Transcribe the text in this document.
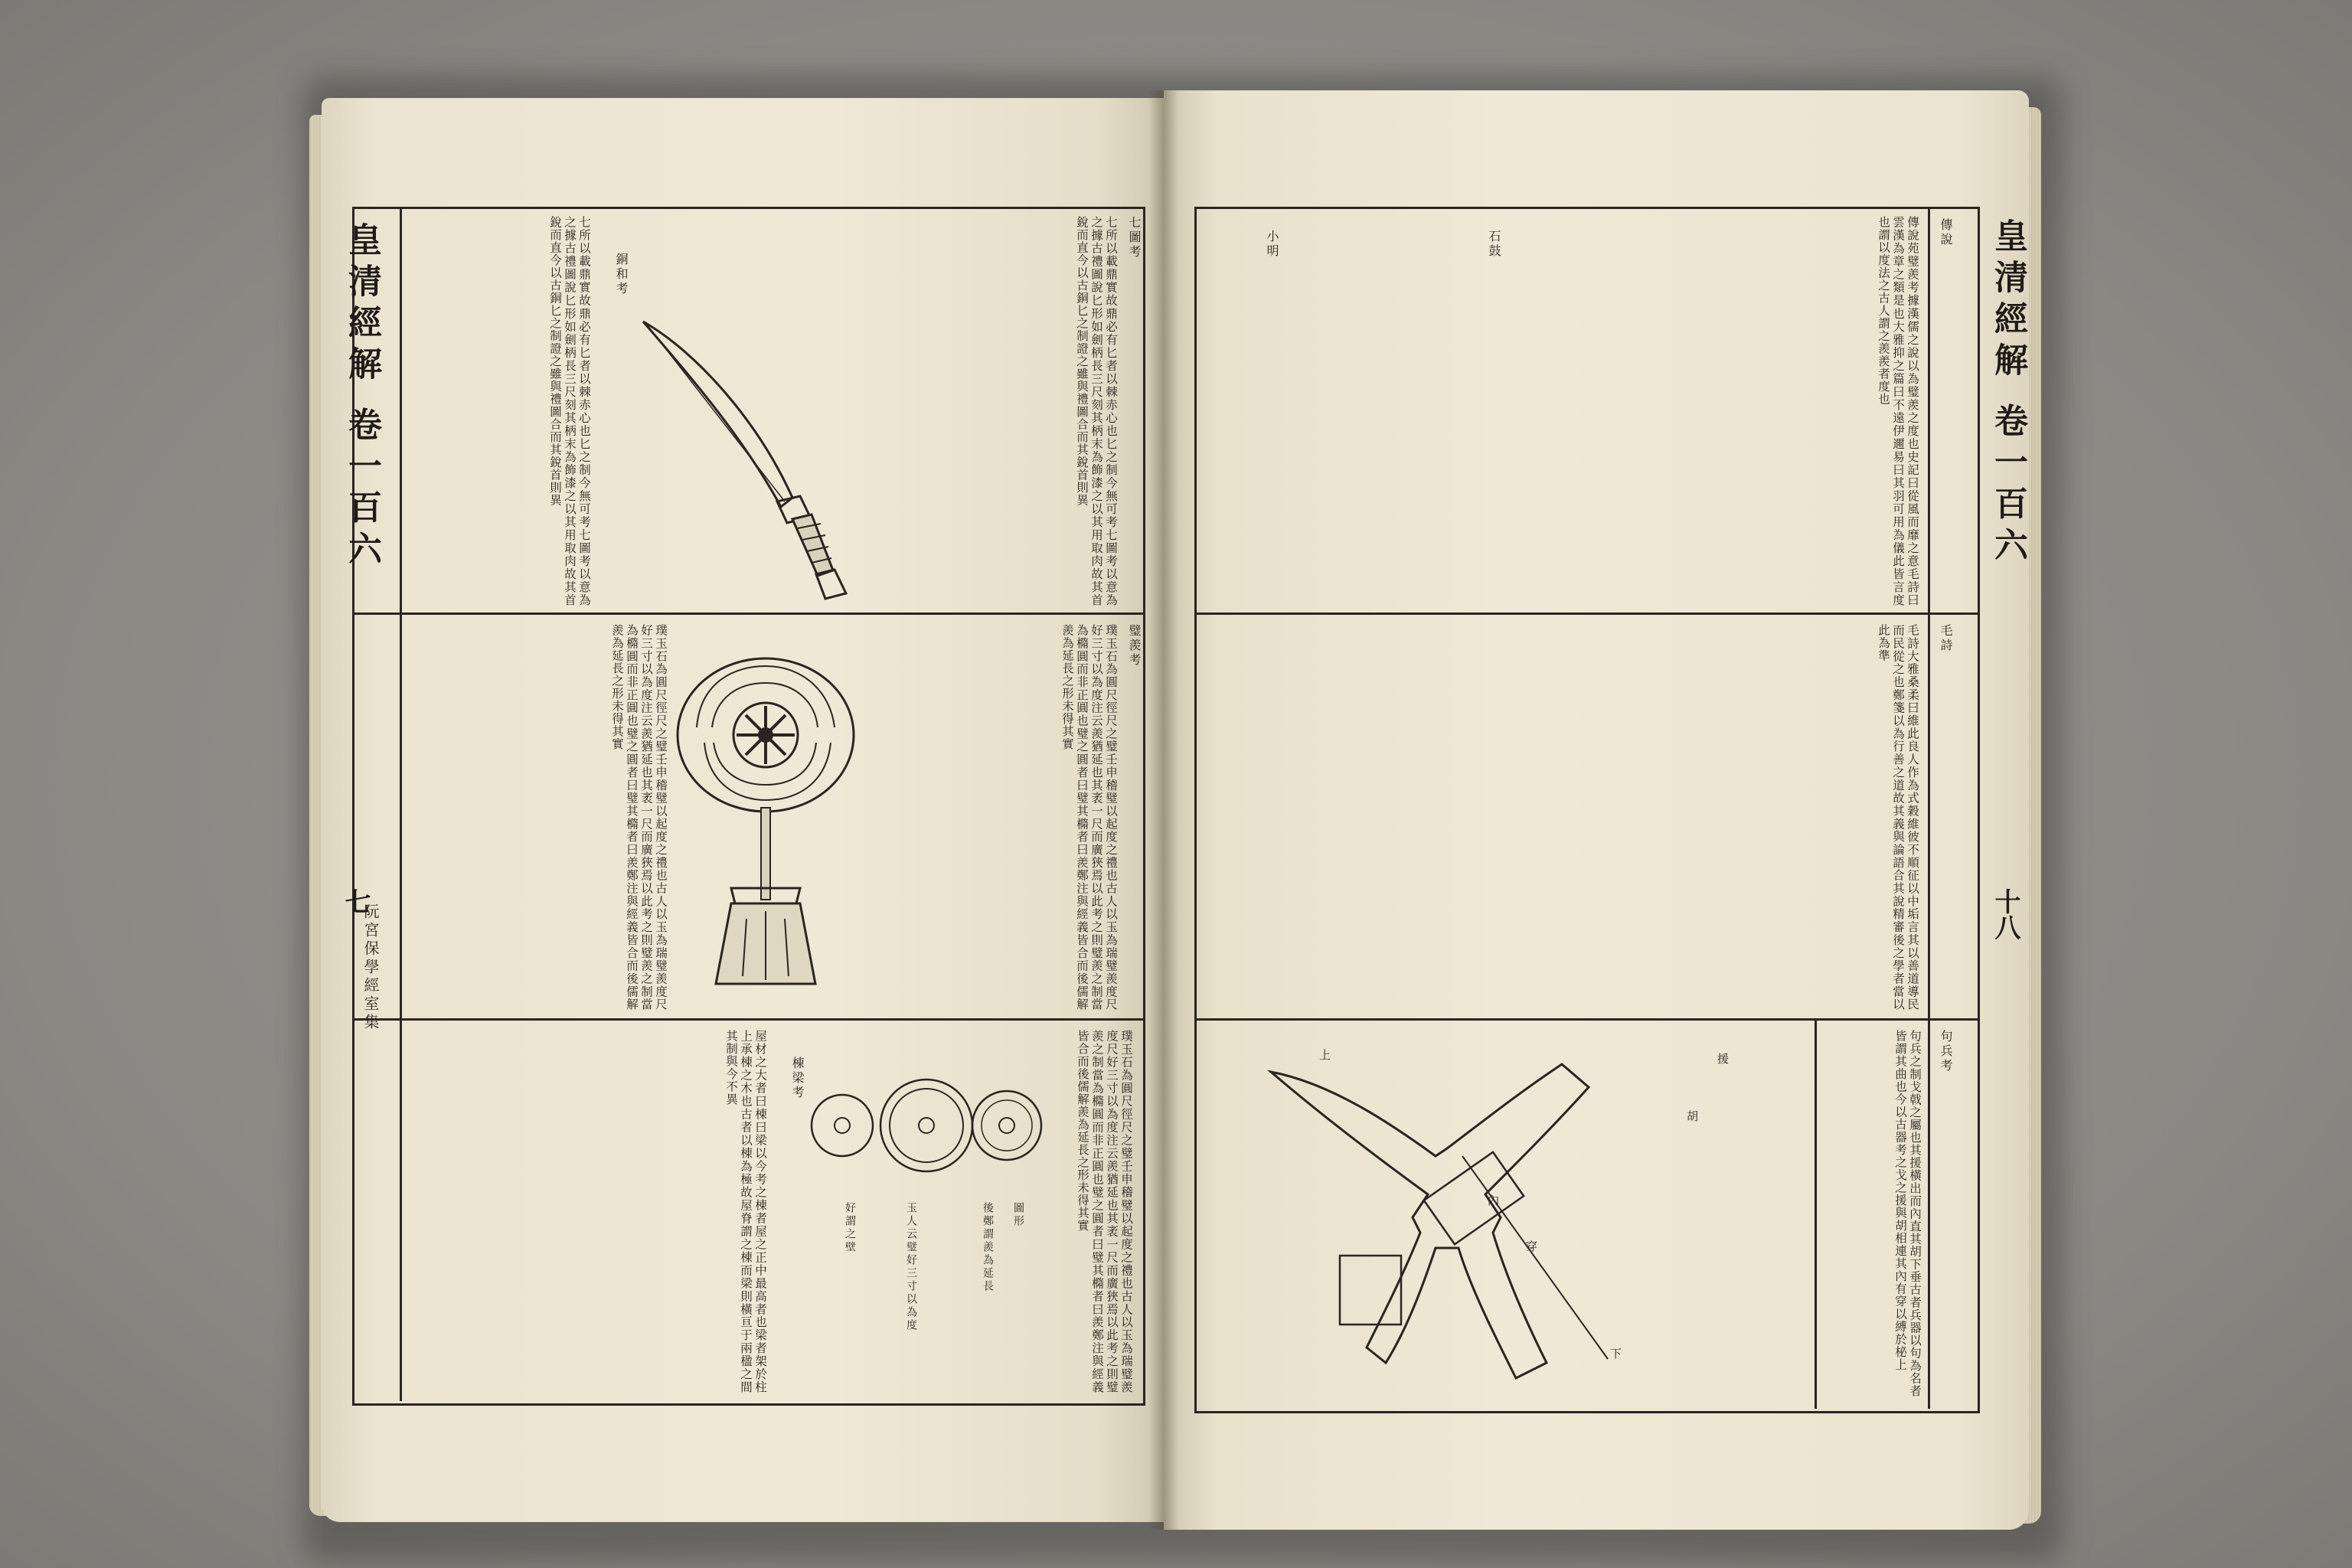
皇清經解 卷一百六
七
阮宮保學經室集
皇清經解 卷一百六
十八
七圖考
七所以載鼎實故鼎必有匕者以棘赤心也匕之制今無可考七圖考以意為之據古禮圖說匕形如劍柄長三尺刻其柄末為飾漆之以其用取肉故其首銳而直今以古銅匕之制證之雖與禮圖合而其銳首則異
七所以載鼎實故鼎必有匕者以棘赤心也匕之制今無可考七圖考以意為之據古禮圖說匕形如劍柄長三尺刻其柄末為飾漆之以其用取肉故其首銳而直今以古銅匕之制證之雖與禮圖合而其銳首則異	銅和考
璧羨考
璞玉石為圓尺徑尺之璧壬申稽璧以起度之禮也古人以玉為瑞璧羨度尺好三寸以為度注云羨猶延也其袤一尺而廣狹焉以此考之則璧羨之制當為橢圓而非正圓也璧之圓者曰璧其橢者曰羨鄭注與經義皆合而後儒解羨為延長之形未得其實
璞玉石為圓尺徑尺之璧壬申稽璧以起度之禮也古人以玉為瑞璧羨度尺好三寸以為度注云羨猶延也其袤一尺而廣狹焉以此考之則璧羨之制當為橢圓而非正圓也璧之圓者曰璧其橢者曰羨鄭注與經義皆合而後儒解羨為延長之形未得其實
棟梁考
屋材之大者曰棟曰梁以今考之棟者屋之正中最高者也梁者架於柱上承棟之木也古者以棟為極故屋脊謂之棟而梁則橫亘于兩楹之間其制與今不異	璞玉石為圓尺徑尺之璧壬申稽璧以起度之禮也古人以玉為瑞璧羨度尺好三寸以為度注云羨猶延也其袤一尺而廣狹焉以此考之則璧羨之制當為橢圓而非正圓也璧之圓者曰璧其橢者曰羨鄭注與經義皆合而後儒解羨為延長之形未得其實
好謂之壁	玉人云璧好三寸以為度	後鄭謂羨為延長 圖形
傳說
傳說苑璧羨考據漢儒之說以為璧羨之度也史記曰從風而靡之意毛詩曰雲漢為章之類是也大雅抑之篇曰不遠伊邇易曰其羽可用為儀此皆言度也謂以度法之古人謂之羨羨者度也
石鼓
小明
毛詩
毛詩大雅桑柔曰維此良人作為式穀維彼不順征以中垢言其以善道導民而民從之也鄭箋以為行善之道故其義與論語合其說精審後之學者當以此為準
句兵考
句兵之制戈戟之屬也其援橫出而內直其胡下垂古者兵器以句為名者皆謂其曲也今以古器考之戈之援與胡相連其內有穿以縛於柲上
援
胡
內
穿
上
下
